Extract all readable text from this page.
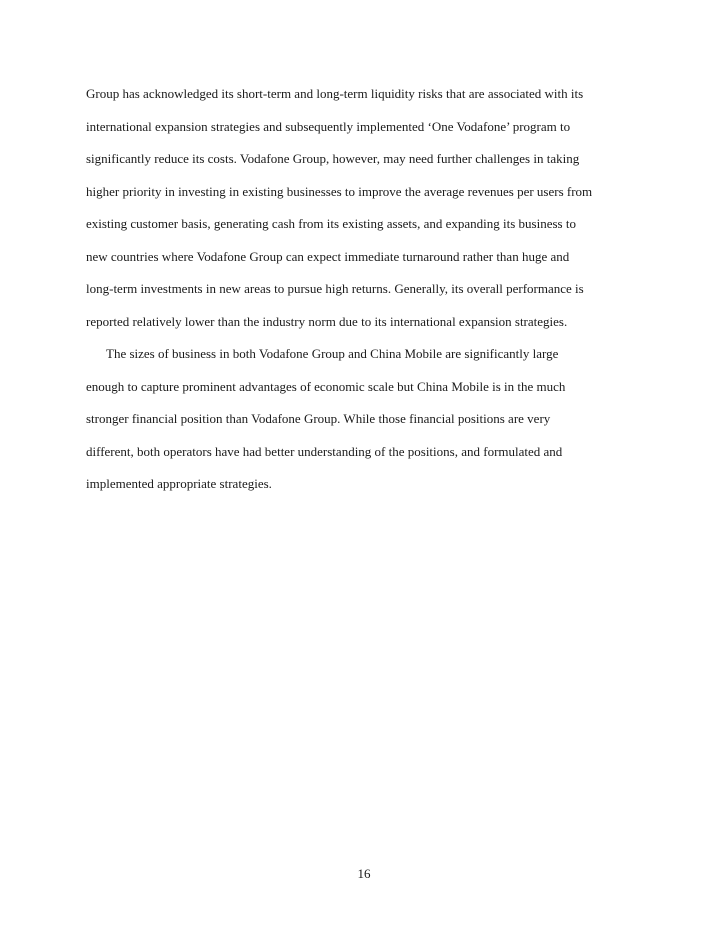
Group has acknowledged its short-term and long-term liquidity risks that are associated with its
international expansion strategies and subsequently implemented ‘One Vodafone’ program to
significantly reduce its costs. Vodafone Group, however, may need further challenges in taking
higher priority in investing in existing businesses to improve the average revenues per users from
existing customer basis, generating cash from its existing assets, and expanding its business to
new countries where Vodafone Group can expect immediate turnaround rather than huge and
long-term investments in new areas to pursue high returns. Generally, its overall performance is
reported relatively lower than the industry norm due to its international expansion strategies.
The sizes of business in both Vodafone Group and China Mobile are significantly large
enough to capture prominent advantages of economic scale but China Mobile is in the much
stronger financial position than Vodafone Group. While those financial positions are very
different, both operators have had better understanding of the positions, and formulated and
implemented appropriate strategies.
16
